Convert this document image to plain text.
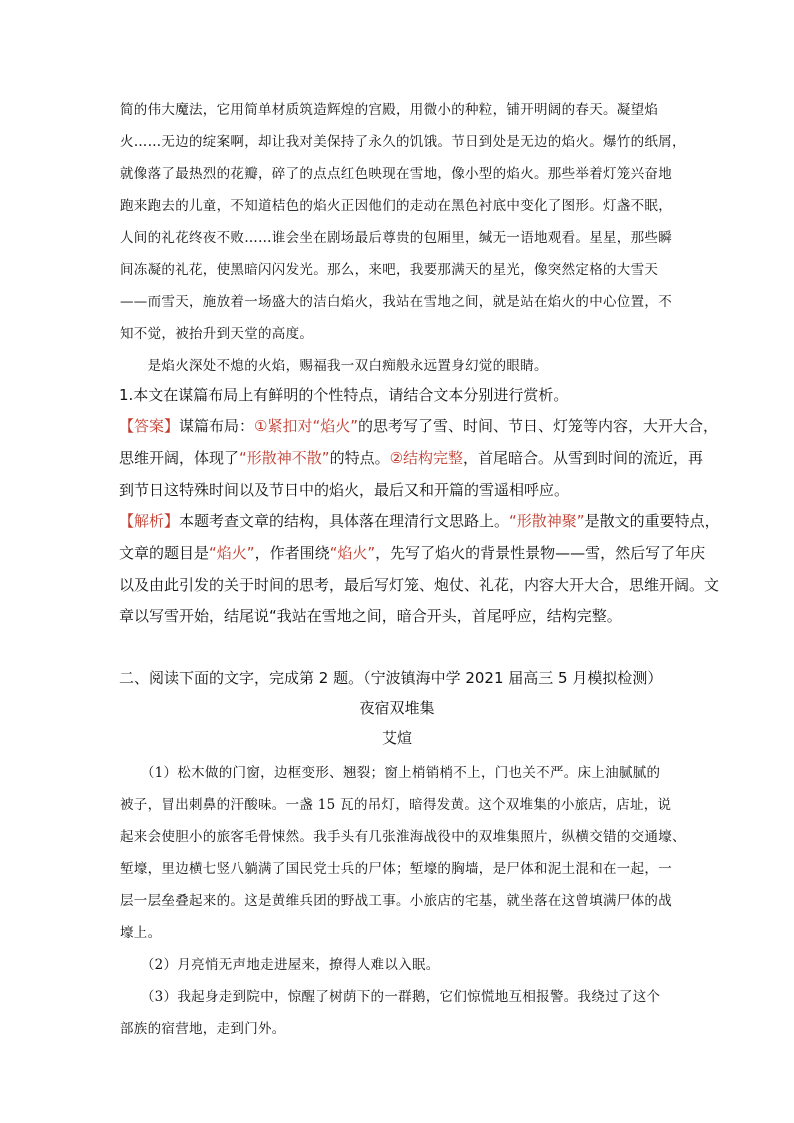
简的伟大魔法，它用简单材质筑造辉煌的宫殿，用微小的种粒，铺开明阔的春天。凝望焰
火……无边的绽案啊，却让我对美保持了永久的饥饿。节日到处是无边的焰火。爆竹的纸屑，
就像落了最热烈的花瓣，碎了的点点红色映现在雪地，像小型的焰火。那些举着灯笼兴奋地
跑来跑去的儿童，不知道桔色的焰火正因他们的走动在黑色衬底中变化了图形。灯盏不眠，
人间的礼花终夜不败……谁会坐在剧场最后尊贵的包厢里，缄无一语地观看。星星，那些瞬
间冻凝的礼花，使黑暗闪闪发光。那么，来吧，我要那满天的星光，像突然定格的大雪天
——而雪天，施放着一场盛大的洁白焰火，我站在雪地之间，就是站在焰火的中心位置，不
知不觉，被抬升到天堂的高度。
　　是焰火深处不熄的火焰，赐福我一双白痴般永远置身幻觉的眼睛。
1.本文在谋篇布局上有鲜明的个性特点，请结合文本分别进行赏析。
【答案】谋篇布局：①紧扣对“焰火”的思考写了雪、时间、节日、灯笼等内容，大开大合，
思维开阔，体现了“形散神不散”的特点。②结构完整，首尾暗合。从雪到时间的流近，再
到节日这特殊时间以及节日中的焰火，最后又和开篇的雪遥相呼应。
【解析】本题考查文章的结构，具体落在理清行文思路上。“形散神聚”是散文的重要特点，
文章的题目是“焰火”，作者围绕“焰火”，先写了焰火的背景性景物——雪，然后写了年庆
以及由此引发的关于时间的思考，最后写灯笼、炮仗、礼花，内容大开大合，思维开阔。文
章以写雪开始，结尾说“我站在雪地之间，暗合开头，首尾呼应，结构完整。
二、阅读下面的文字，完成第 2 题。（宁波镇海中学 2021 届高三 5 月模拟检测）
夜宿双堆集
艾煊
　　（1）松木做的门窗，边框变形、翘裂；窗上梢销梢不上，门也关不严。床上油腻腻的
被子，冒出刺鼻的汗酸味。一盏 15 瓦的吊灯，暗得发黄。这个双堆集的小旅店，店址，说
起来会使胆小的旅客毛骨悚然。我手头有几张淮海战役中的双堆集照片，纵横交错的交通壕、
堑壕，里边横七竖八躺满了国民党士兵的尸体；堑壕的胸墙，是尸体和泥土混和在一起，一
层一层垒叠起来的。这是黄维兵团的野战工事。小旅店的宅基，就坐落在这曾填满尸体的战
壕上。
　　（2）月亮悄无声地走进屋来，撩得人难以入眠。
　　（3）我起身走到院中，惊醒了树荫下的一群鹅，它们惊慌地互相报警。我绕过了这个
部族的宿营地，走到门外。
